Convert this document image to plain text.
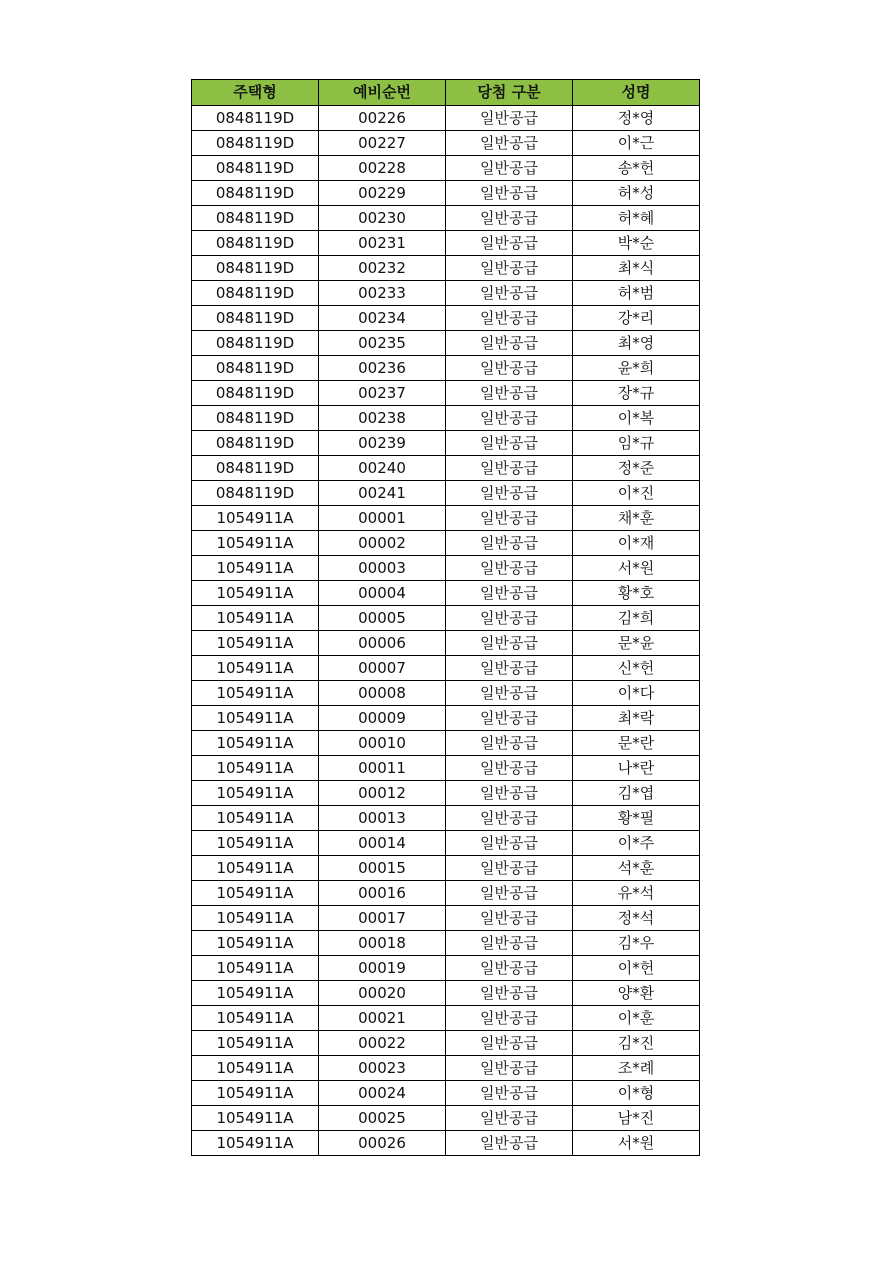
주택형	예비순번	당첨 구분	성명
0848119D	00226	일반공급	정*영
0848119D	00227	일반공급	이*근
0848119D	00228	일반공급	송*헌
0848119D	00229	일반공급	허*성
0848119D	00230	일반공급	허*혜
0848119D	00231	일반공급	박*순
0848119D	00232	일반공급	최*식
0848119D	00233	일반공급	허*범
0848119D	00234	일반공급	강*리
0848119D	00235	일반공급	최*영
0848119D	00236	일반공급	윤*희
0848119D	00237	일반공급	장*규
0848119D	00238	일반공급	이*복
0848119D	00239	일반공급	임*규
0848119D	00240	일반공급	정*준
0848119D	00241	일반공급	이*진
1054911A	00001	일반공급	채*훈
1054911A	00002	일반공급	이*재
1054911A	00003	일반공급	서*원
1054911A	00004	일반공급	황*호
1054911A	00005	일반공급	김*희
1054911A	00006	일반공급	문*윤
1054911A	00007	일반공급	신*헌
1054911A	00008	일반공급	이*다
1054911A	00009	일반공급	최*락
1054911A	00010	일반공급	문*란
1054911A	00011	일반공급	나*란
1054911A	00012	일반공급	김*엽
1054911A	00013	일반공급	황*필
1054911A	00014	일반공급	이*주
1054911A	00015	일반공급	석*훈
1054911A	00016	일반공급	유*석
1054911A	00017	일반공급	정*석
1054911A	00018	일반공급	김*우
1054911A	00019	일반공급	이*헌
1054911A	00020	일반공급	양*환
1054911A	00021	일반공급	이*훈
1054911A	00022	일반공급	김*진
1054911A	00023	일반공급	조*례
1054911A	00024	일반공급	이*형
1054911A	00025	일반공급	남*진
1054911A	00026	일반공급	서*원
